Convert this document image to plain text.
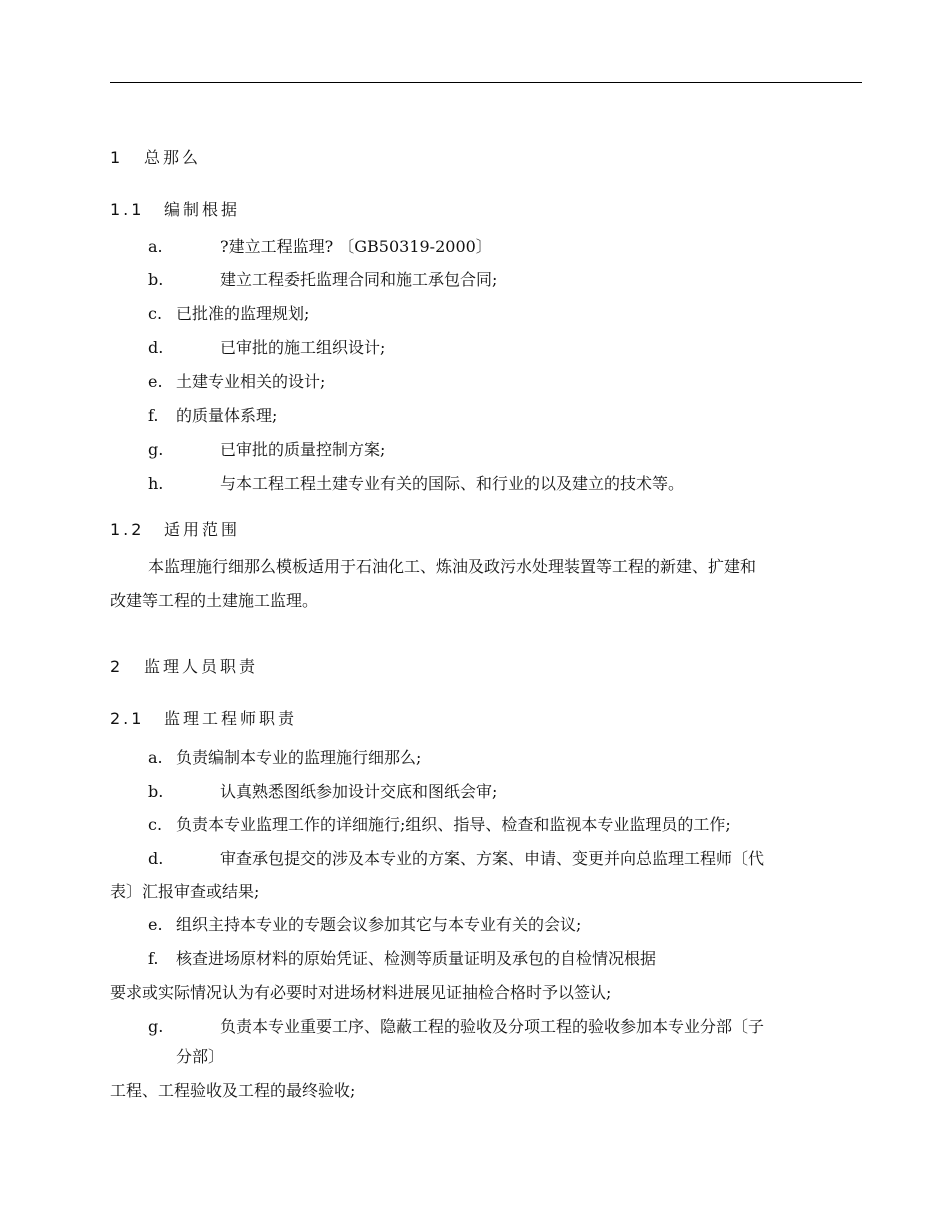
1 总那么
1.1 编制根据
a.	?建立工程监理? 〔GB50319-2000〕
b.	建立工程委托监理合同和施工承包合同;
c. 已批准的监理规划;
d.	已审批的施工组织设计;
e. 土建专业相关的设计;
f. 的质量体系理;
g.	已审批的质量控制方案;
h.	与本工程工程土建专业有关的国际、和行业的以及建立的技术等。
1.2 适用范围
本监理施行细那么模板适用于石油化工、炼油及政污水处理装置等工程的新建、扩建和
改建等工程的土建施工监理。
2 监理人员职责
2.1 监理工程师职责
a. 负责编制本专业的监理施行细那么;
b.	认真熟悉图纸参加设计交底和图纸会审;
c. 负责本专业监理工作的详细施行;组织、指导、检查和监视本专业监理员的工作;
d.	审查承包提交的涉及本专业的方案、方案、申请、变更并向总监理工程师〔代
表〕汇报审查或结果;
e. 组织主持本专业的专题会议参加其它与本专业有关的会议;
f. 核查进场原材料的原始凭证、检测等质量证明及承包的自检情况根据
要求或实际情况认为有必要时对进场材料进展见证抽检合格时予以签认;
g.	负责本专业重要工序、隐蔽工程的验收及分项工程的验收参加本专业分部〔子
分部〕
工程、工程验收及工程的最终验收;
